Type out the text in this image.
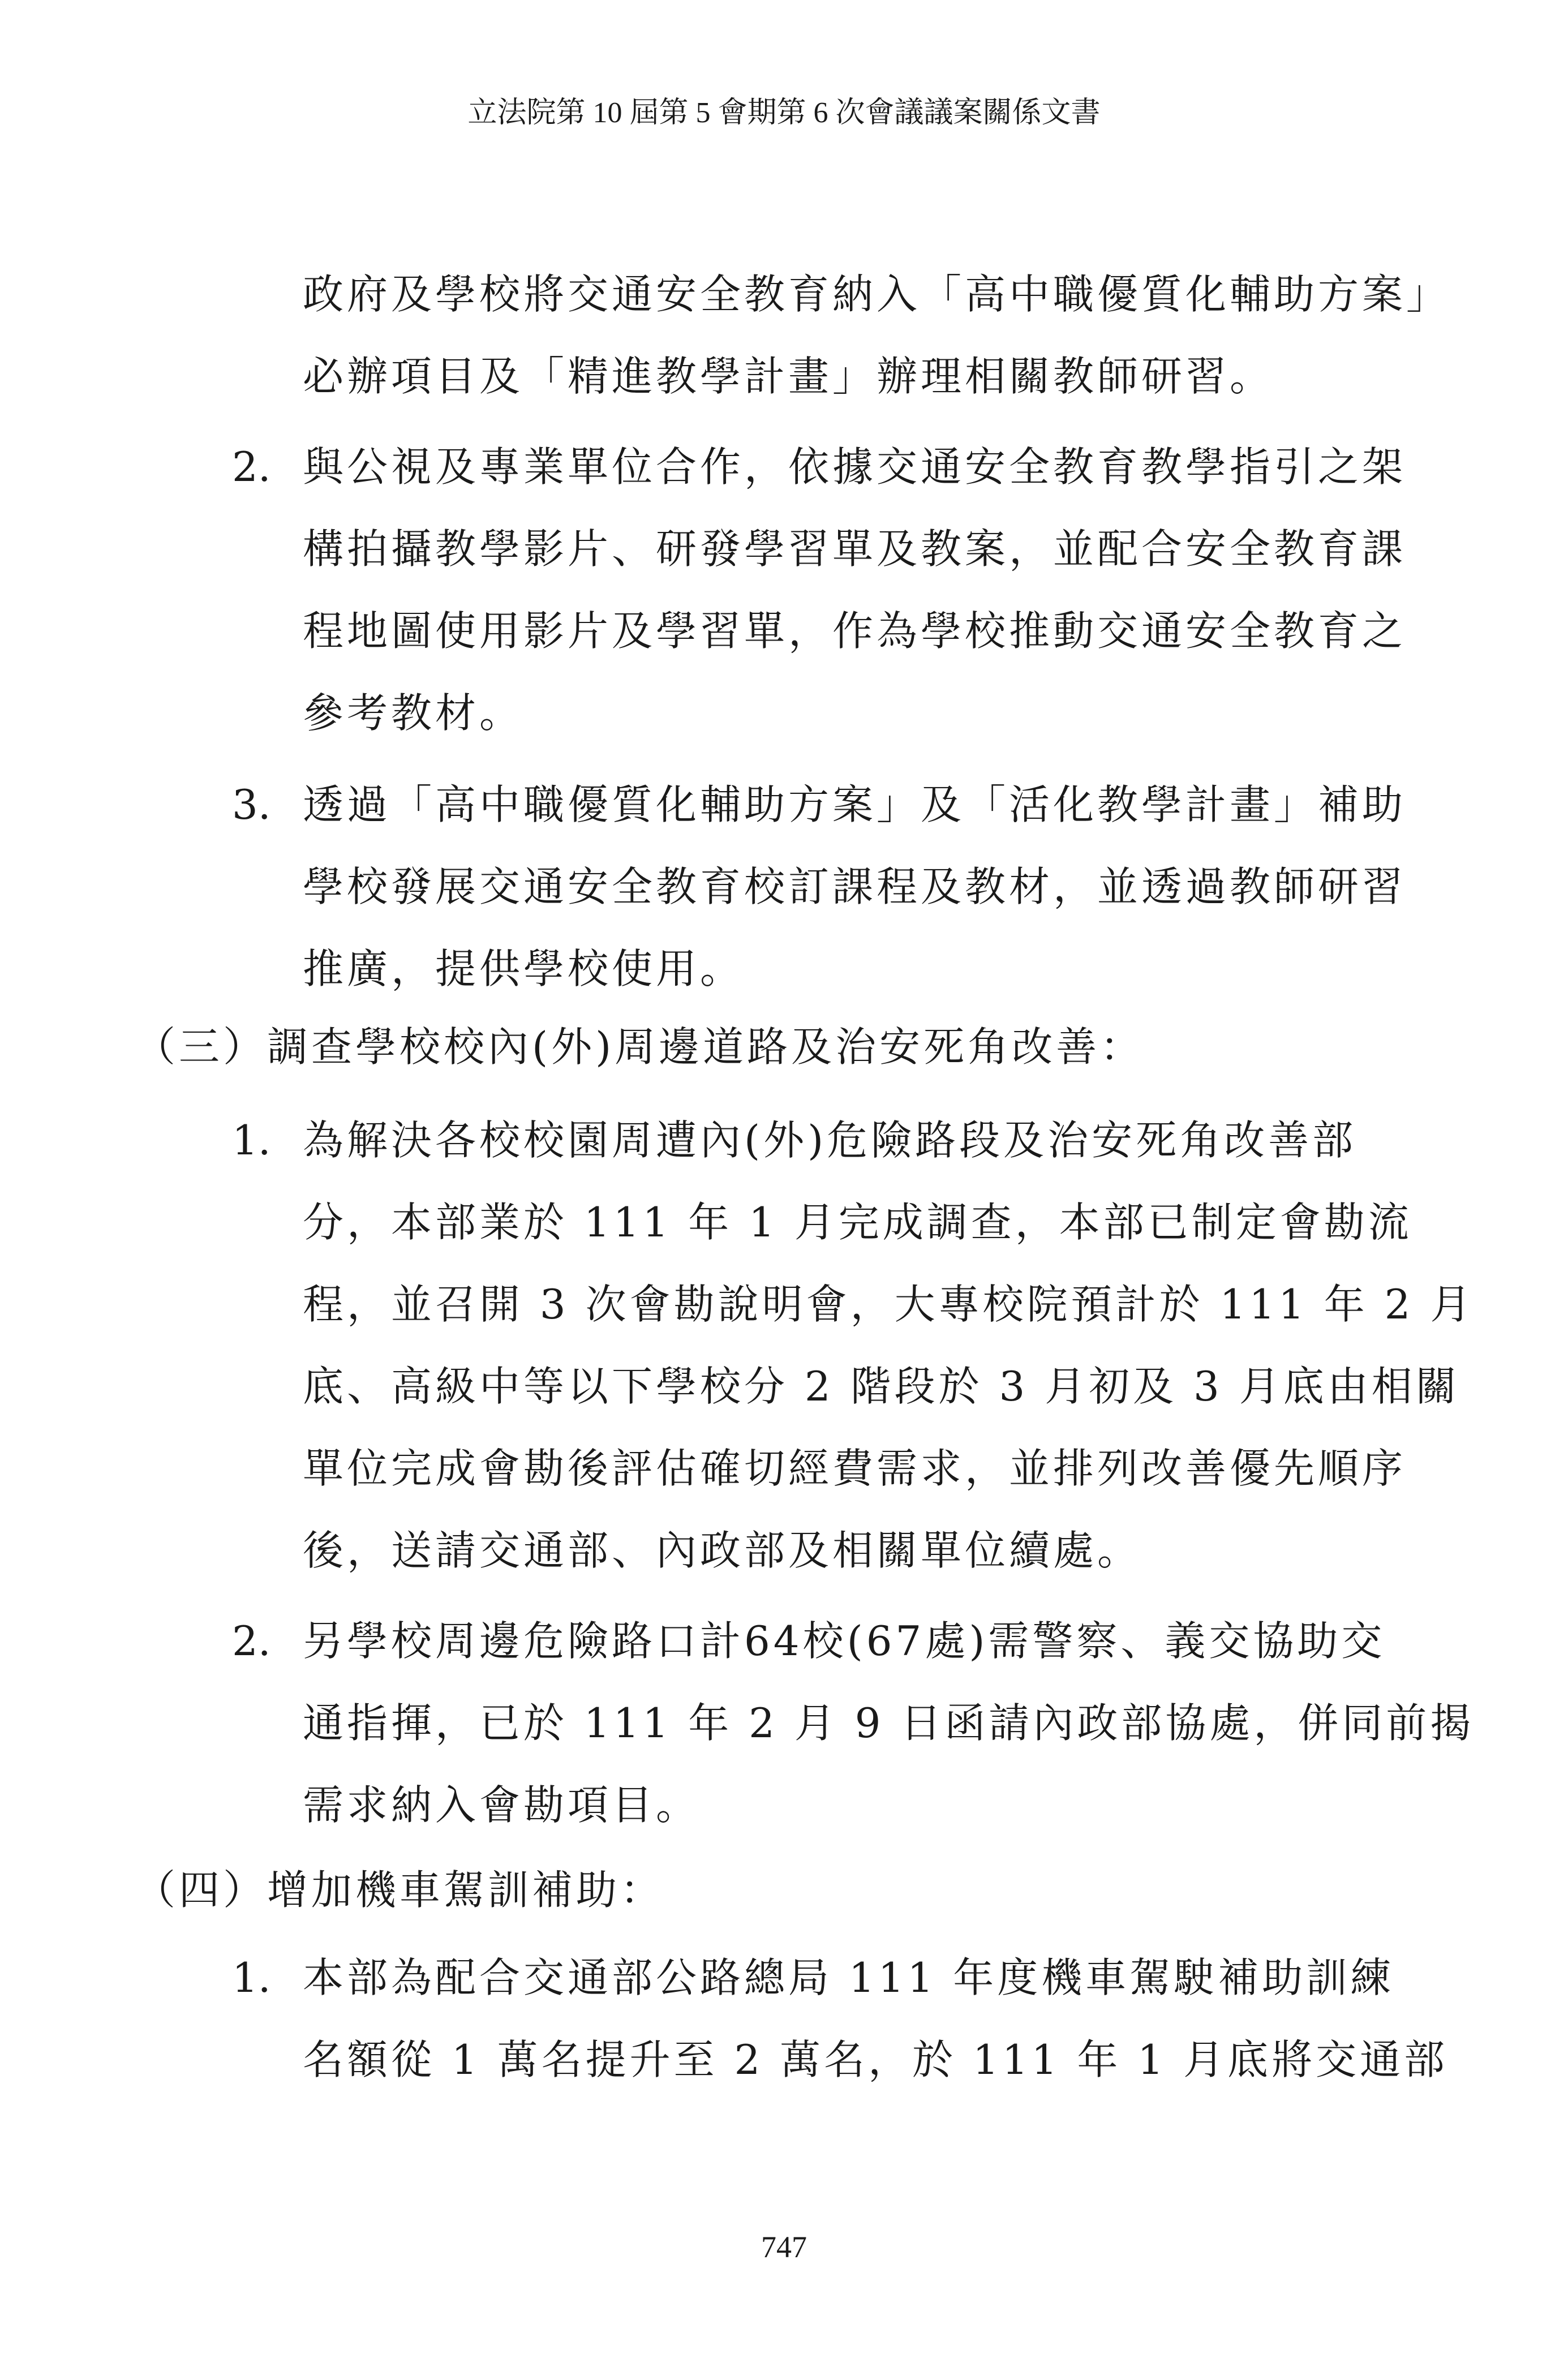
立法院第 10 屆第 5 會期第 6 次會議議案關係文書
政府及學校將交通安全教育納入「高中職優質化輔助方案」
必辦項目及「精進教學計畫」辦理相關教師研習。
2. 與公視及專業單位合作，依據交通安全教育教學指引之架
構拍攝教學影片、研發學習單及教案，並配合安全教育課
程地圖使用影片及學習單，作為學校推動交通安全教育之
參考教材。
3. 透過「高中職優質化輔助方案」及「活化教學計畫」補助
學校發展交通安全教育校訂課程及教材，並透過教師研習
推廣，提供學校使用。
（三）調查學校校內(外)周邊道路及治安死角改善：
1. 為解決各校校園周遭內(外)危險路段及治安死角改善部
分，本部業於 111 年 1 月完成調查，本部已制定會勘流
程，並召開 3 次會勘說明會，大專校院預計於 111 年 2 月
底、高級中等以下學校分 2 階段於 3 月初及 3 月底由相關
單位完成會勘後評估確切經費需求，並排列改善優先順序
後，送請交通部、內政部及相關單位續處。
2. 另學校周邊危險路口計64校(67處)需警察、義交協助交
通指揮，已於 111 年 2 月 9 日函請內政部協處，併同前揭
需求納入會勘項目。
（四）增加機車駕訓補助：
1. 本部為配合交通部公路總局 111 年度機車駕駛補助訓練
名額從 1 萬名提升至 2 萬名，於 111 年 1 月底將交通部
747
